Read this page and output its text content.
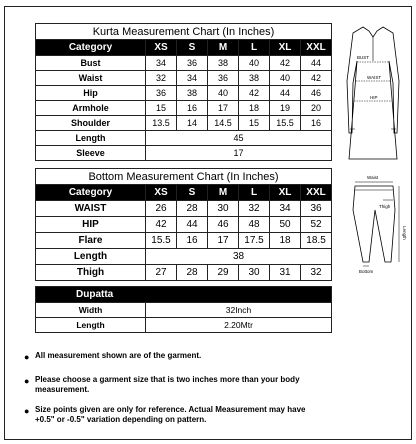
Kurta Measurement Chart (In Inches)						
Category	XS	S	M	L	XL	XXL
Bust	34	36	38	40	42	44
Waist	32	34	36	38	40	42
Hip	36	38	40	42	44	46
Armhole	15	16	17	18	19	20
Shoulder	13.5	14	14.5	15	15.5	16
Length	45					
Sleeve	17					
BUST
WAIST
HIP
Bottom Measurement Chart (In Inches)						
Category	XS	S	M	L	XL	XXL
WAIST	26	28	30	32	34	36
HIP	42	44	46	48	50	52
Flare	15.5	16	17	17.5	18	18.5
Length	38					
Thigh	27	28	29	30	31	32
Waist
Thigh
Length
Bottom
Dupatta	
Width	32Inch
Length	2.20Mtr
● All measurement shown are of the garment.
● Please choose a garment size that is two inches more than your body measurement.
● Size points given are only for reference. Actual Measurement may have +0.5" or -0.5" variation depending on pattern.
